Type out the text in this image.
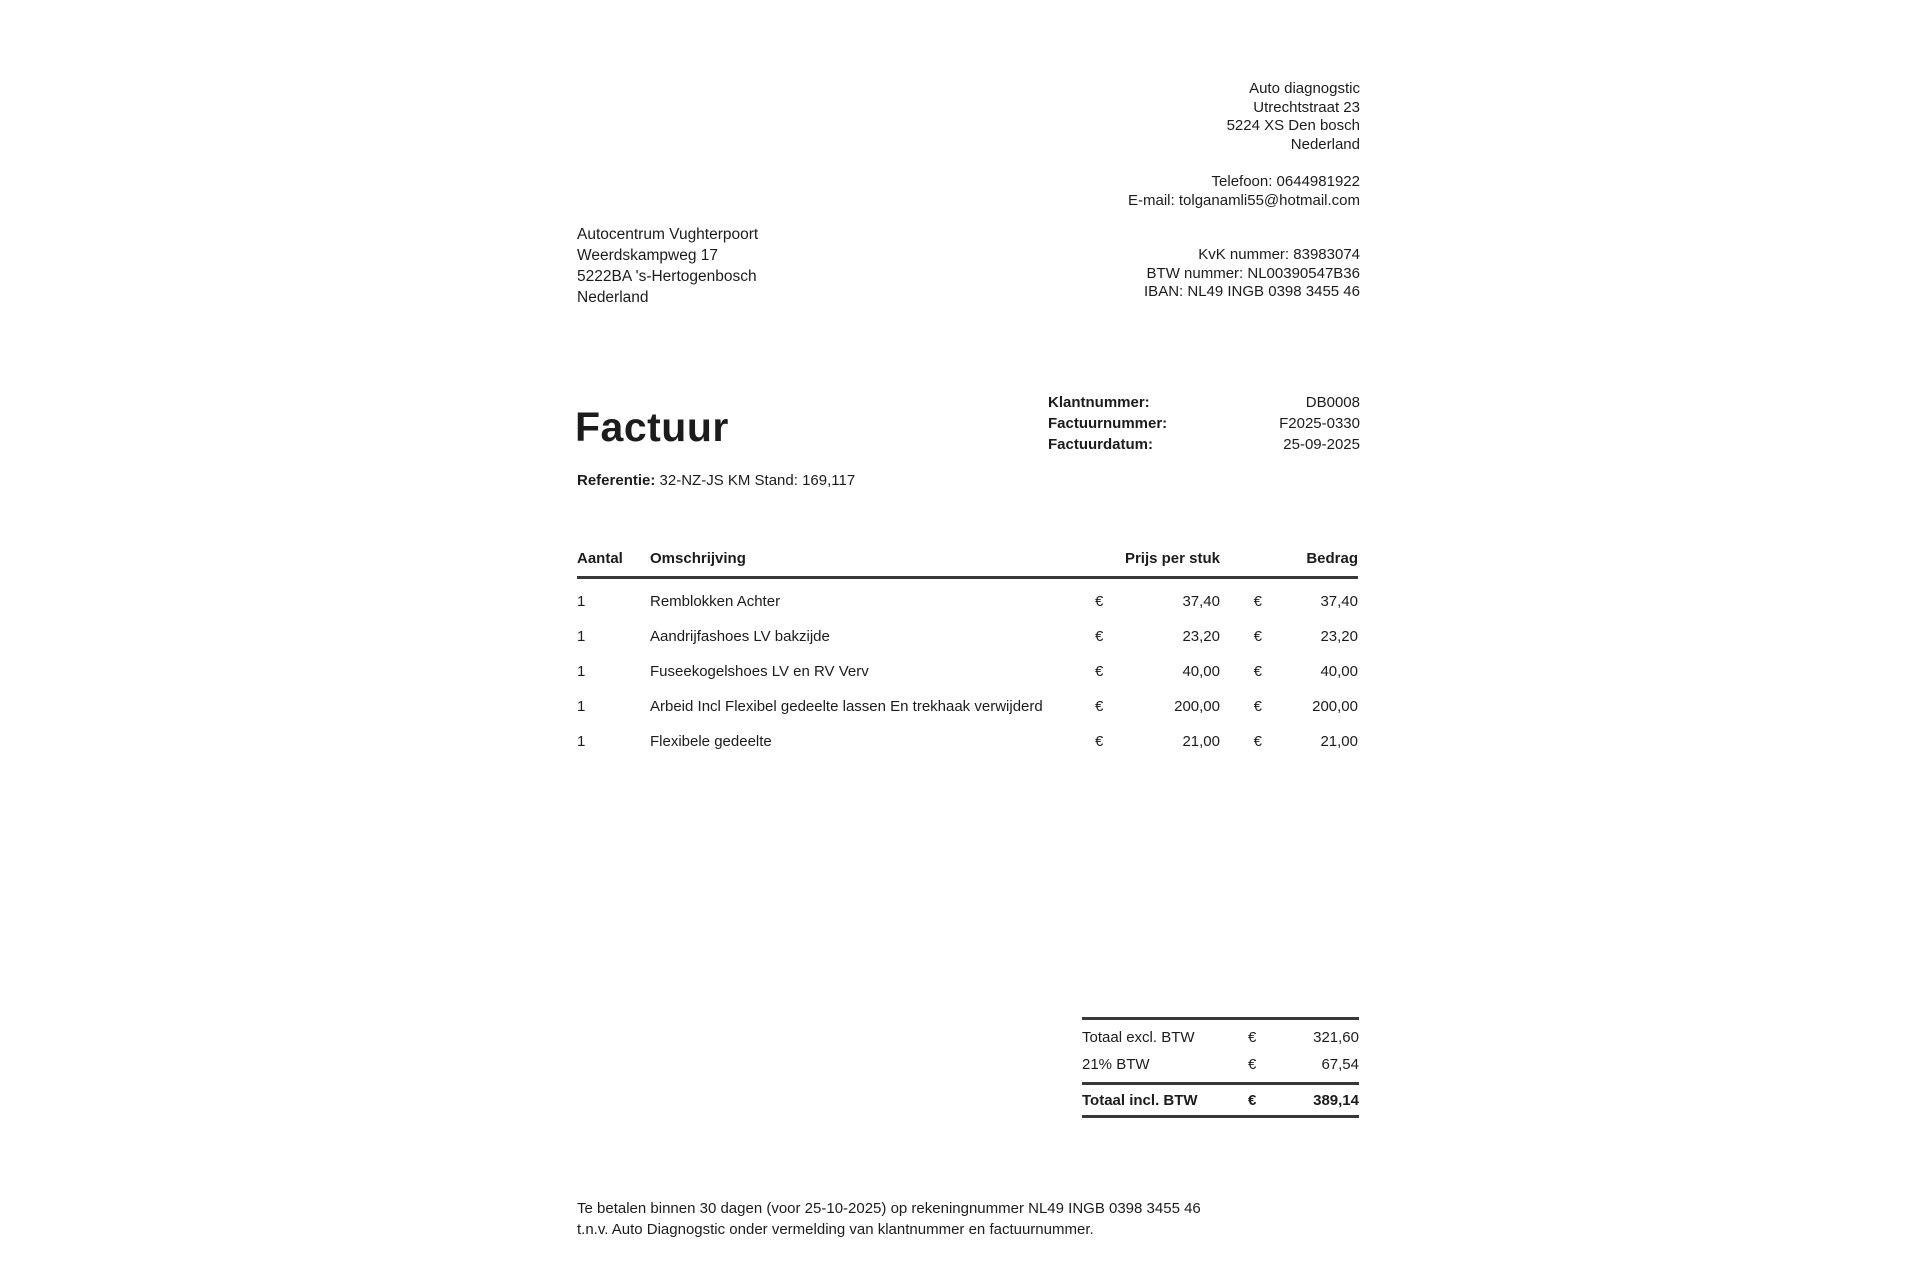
Auto diagnogstic
Utrechtstraat 23
5224 XS Den bosch
Nederland
Telefoon: 0644981922
E-mail: tolganamli55@hotmail.com
Autocentrum Vughterpoort
Weerdskampweg 17
5222BA 's-Hertogenbosch
Nederland
KvK nummer: 83983074
BTW nummer: NL00390547B36
IBAN: NL49 INGB 0398 3455 46
Factuur
Klantnummer:	DB0008
Factuurnummer:	F2025-0330
Factuurdatum:	25-09-2025
Referentie: 32-NZ-JS KM Stand: 169,117
Aantal	Omschrijving	Prijs per stuk	Bedrag
1	Remblokken Achter	€	37,40	€	37,40
1	Aandrijfashoes LV bakzijde	€	23,20	€	23,20
1	Fuseekogelshoes LV en RV Verv	€	40,00	€	40,00
1	Arbeid Incl Flexibel gedeelte lassen En trekhaak verwijderd	€	200,00	€	200,00
1	Flexibele gedeelte	€	21,00	€	21,00
Totaal excl. BTW	€	321,60
21% BTW	€	67,54
Totaal incl. BTW	€	389,14
Te betalen binnen 30 dagen (voor 25-10-2025) op rekeningnummer NL49 INGB 0398 3455 46
t.n.v. Auto Diagnogstic onder vermelding van klantnummer en factuurnummer.
